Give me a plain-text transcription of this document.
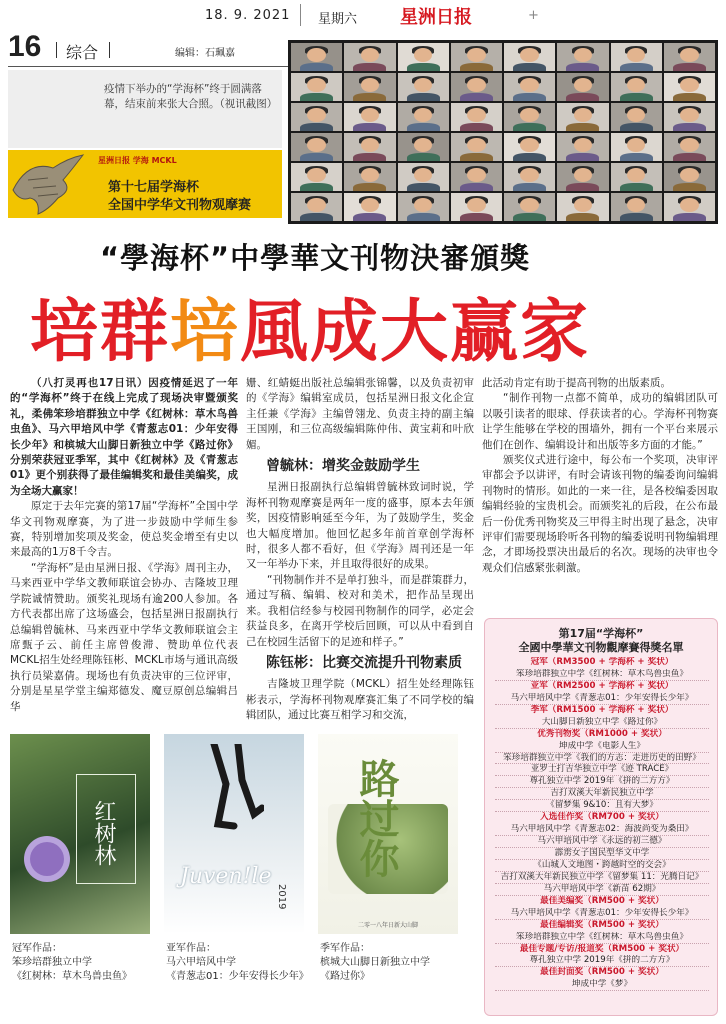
18. 9. 2021 星期六 星洲日报	+
16 综合	编辑：石珮嘉
疫情下举办的“学海杯”终于圆满落幕，结束前来张大合照。（视讯截图）
星洲日报 学海 MCKL
第十七届学海杯
全国中学华文刊物观摩赛
“學海杯”中學華文刊物決審頒獎
培群培風成大赢家

（八打灵再也17日讯）因疫情延迟了一年的“学海杯”终于在线上完成了现场决审暨颁奖礼，柔佛笨珍培群独立中学《红树林：草木鸟兽虫鱼》、马六甲培风中学《青葱志01：少年安得长少年》和槟城大山脚日新独立中学《路过你》分别荣获冠亚季军，其中《红树林》及《青葱志01》更个别获得了最佳编辑奖和最佳美编奖，成为全场大赢家！

原定于去年完赛的第17届“学海杯”全国中学华文刊物观摩赛，为了进一步鼓励中学师生参赛，特别增加奖项及奖金，使总奖金增至有史以来最高的1万8千令吉。

“学海杯”是由星洲日报、《学海》周刊主办，马来西亚中学华文教师联谊会协办、吉隆坡卫理学院诚情赞助。颁奖礼现场有逾200人参加。各方代表都出席了这场盛会，包括星洲日报副执行总编辑曾毓林、马来西亚中学华文教师联谊会主席甄子云、前任主席曾俊滞、赞助单位代表MCKL招生处经理陈钰彬、MCKL市场与通讯高级执行员梁嘉倩。现场也有负责决审的三位评审，分别是星星学堂主编郑德发、魔豆原创总编辑吕华

姗、红蜻蜓出版社总编辑张锦馨，以及负责初审的《学海》编辑室成员，包括星洲日报文化企宣主任兼《学海》主编曾翎龙、负责主持的副主编王国刚，和三位高级编辑陈仲伟、黄宝莉和叶欣媚。

曾毓林：增奖金鼓励学生

星洲日报副执行总编辑曾毓林致词时说，学海杯刊物观摩赛是两年一度的盛事，原本去年颁奖，因疫情影响延至今年，为了鼓励学生，奖金也大幅度增加。他回忆起多年前首章创学海杯时，很多人都不看好，但《学海》周刊还是一年又一年举办下来，并且取得很好的成果。

“刊物制作并不是单打独斗，而是群策群力，通过写稿、编辑、校对和美术，把作品呈现出来。我相信经参与校园刊物制作的同学，必定会获益良多，在离开学校后回顾，可以从中看到自己在校园生活留下的足迹和样子。”

陈钰彬：比赛交流提升刊物素质

吉隆坡卫理学院（MCKL）招生处经理陈钰彬表示，学海杯刊物观摩赛汇集了不同学校的编辑团队，通过比赛互相学习和交流，

此活动肯定有助于提高刊物的出版素质。

“制作刊物一点都不简单，成功的编辑团队可以吸引读者的眼球、俘获读者的心。学海杯刊物赛让学生能够在学校的围墙外，拥有一个平台来展示他们在创作、编辑设计和出版等多方面的才能。”

颁奖仪式进行途中，每公布一个奖项，决审评审都会予以讲评，有时会请该刊物的编委询问编辑刊物时的情形。如此的一来一往，是各校编委因取编辑经验的宝贵机会。而颁奖礼的后段，在公布最后一份优秀刊物奖及三甲得主时出现了悬念，决审评审们需要现场聆听各刊物的编委说明刊物编辑理念，才即场投票决出最后的名次。现场的决审也令观众们信感紧张刺激。

第17届“学海杯”
全國中學華文刊物觀摩賽得獎名單
冠军（RM3500 + 学海杯 + 奖状）
笨珍培群独立中学《红树林：草木鸟兽虫鱼》
亚军（RM2500 + 学海杯 + 奖状）
马六甲培风中学《青葱志01：少年安得长少年》
季军（RM1500 + 学海杯 + 奖状）
大山脚日新独立中学《路过你》
优秀刊物奖（RM1000 + 奖状）
坤成中学《电影人生》
笨珍培群独立中学《我们的方志：走进历史的田野》
亚罗士打吉华独立中学《迹 TRACE》
尊孔独立中学 2019年《拼的二方方》
吉打双溪大年新民独立中学
《留梦集 9&10：且有大梦》
入选佳作奖（RM700 + 奖状）
马六甲培风中学《青葱志02：海波尚变为桑田》
马六甲培风中学《永远的初三德》
霹雳女子国民型华文中学
《山城人文地图・跨越时空的交会》
吉打双溪大年新民独立中学《留梦集 11：光腾日记》
马六甲培风中学《新苗 62期》
最佳美编奖（RM500 + 奖状）
马六甲培风中学《青葱志01：少年安得长少年》
最佳编辑奖（RM500 + 奖状）
笨珍培群独立中学《红树林：草木鸟兽虫鱼》
最佳专题/专访/报道奖（RM500 + 奖状）
尊孔独立中学 2019年《拼的二方方》
最佳封面奖（RM500 + 奖状）
坤成中学《梦》
红树林
Juven!le
2019
路过你
二零一八年日新大山脚
冠军作品：
笨珍培群独立中学
《红树林：草木鸟兽虫鱼》
亚军作品：
马六甲培风中学
《青葱志01：少年安得长少年》
季军作品：
槟城大山脚日新独立中学
《路过你》
